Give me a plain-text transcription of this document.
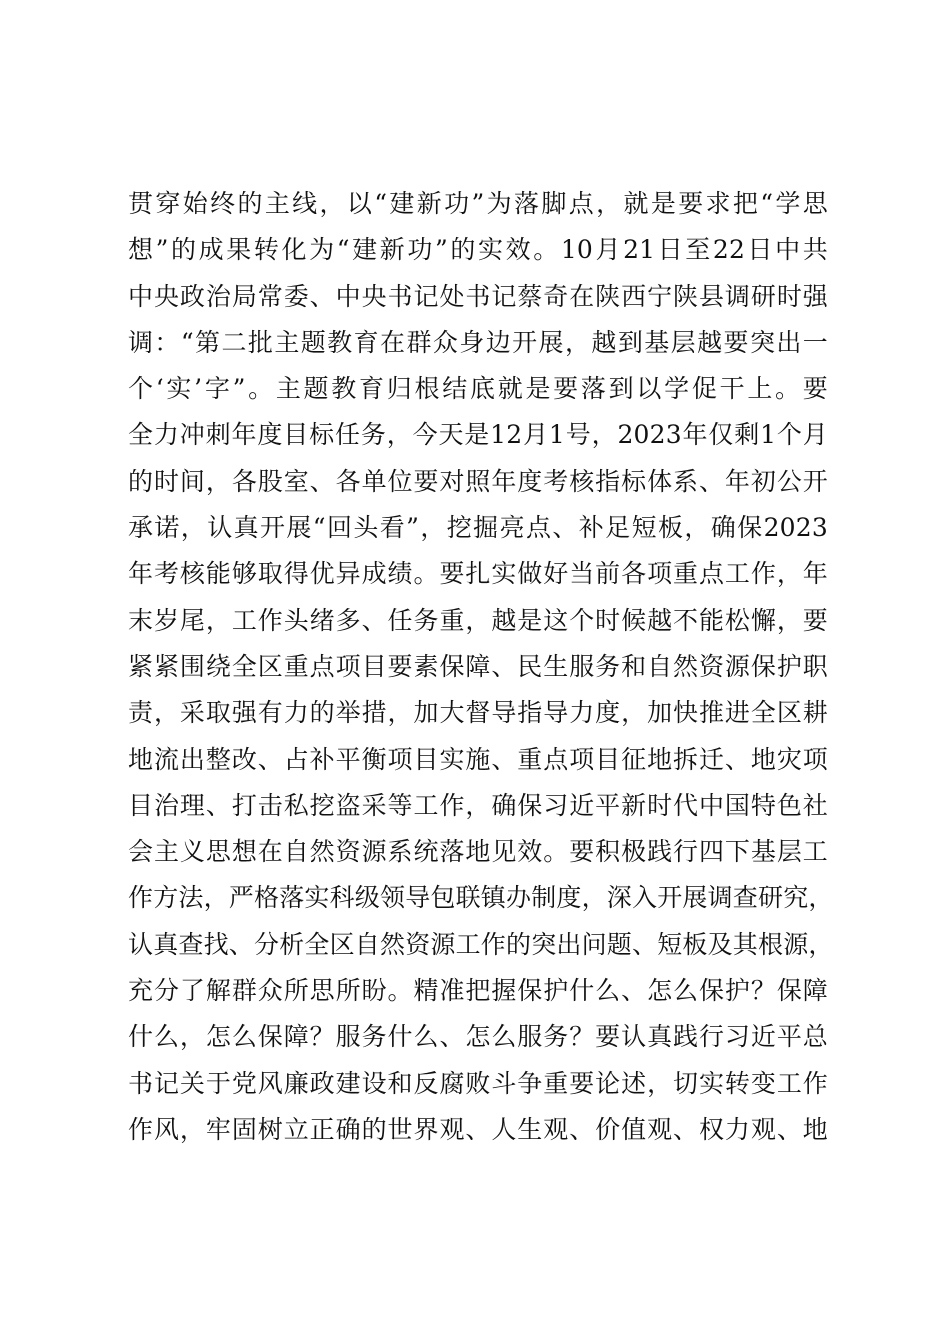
贯穿始终的主线，以“建新功”为落脚点，就是要求把“学思
想”的成果转化为“建新功”的实效。10月21日至22日中共
中央政治局常委、中央书记处书记蔡奇在陕西宁陕县调研时强
调：“第二批主题教育在群众身边开展，越到基层越要突出一
个‘实’字”。主题教育归根结底就是要落到以学促干上。要
全力冲刺年度目标任务，今天是12月1号，2023年仅剩1个月
的时间，各股室、各单位要对照年度考核指标体系、年初公开
承诺，认真开展“回头看”，挖掘亮点、补足短板，确保2023
年考核能够取得优异成绩。要扎实做好当前各项重点工作，年
末岁尾，工作头绪多、任务重，越是这个时候越不能松懈，要
紧紧围绕全区重点项目要素保障、民生服务和自然资源保护职
责，采取强有力的举措，加大督导指导力度，加快推进全区耕
地流出整改、占补平衡项目实施、重点项目征地拆迁、地灾项
目治理、打击私挖盗采等工作，确保习近平新时代中国特色社
会主义思想在自然资源系统落地见效。要积极践行四下基层工
作方法，严格落实科级领导包联镇办制度，深入开展调查研究，
认真查找、分析全区自然资源工作的突出问题、短板及其根源，
充分了解群众所思所盼。精准把握保护什么、怎么保护？保障
什么，怎么保障？服务什么、怎么服务？要认真践行习近平总
书记关于党风廉政建设和反腐败斗争重要论述，切实转变工作
作风，牢固树立正确的世界观、人生观、价值观、权力观、地
